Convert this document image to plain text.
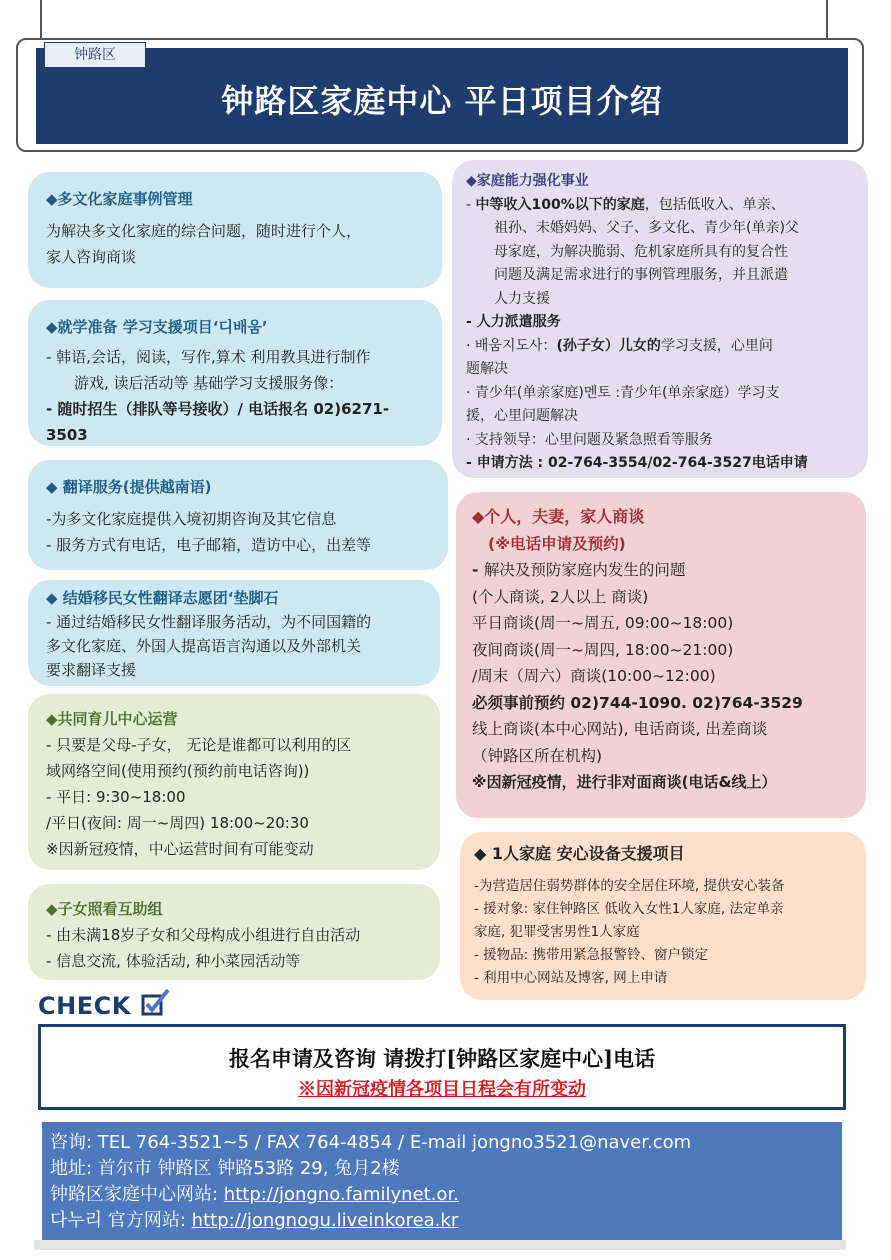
钟路区
钟路区家庭中心 平日项目介绍
◆多文化家庭事例管理
为解决多文化家庭的综合问题，随时进行个人，
家人咨询商谈
◆就学准备 学习支援项目‘디배움’
- 韩语,会话，阅读，写作,算术 利用教具进行制作
游戏, 读后活动等 基础学习支援服务像：
- 随时招生（排队等号接收）/ 电话报名 02)6271-
3503
◆ 翻译服务(提供越南语)
-为多文化家庭提供入境初期咨询及其它信息
- 服务方式有电话，电子邮箱，造访中心，出差等
◆ 结婚移民女性翻译志愿团‘垫脚石
- 通过结婚移民女性翻译服务活动，为不同国籍的
多文化家庭、外国人提高语言沟通以及外部机关
要求翻译支援
◆共同育儿中心运营
- 只要是父母-子女， 无论是谁都可以利用的区
域网络空间(使用预约(预约前电话咨询))
- 平日: 9:30~18:00
/平日(夜间: 周一~周四) 18:00~20:30
※因新冠疫情，中心运营时间有可能变动
◆子女照看互助组
- 由未满18岁子女和父母构成小组进行自由活动
- 信息交流, 体验活动, 种小菜园活动等
◆家庭能力强化事业
- 中等收入100%以下的家庭，包括低收入、单亲、
祖孙、未婚妈妈、父子、多文化、青少年(单亲)父
母家庭，为解决脆弱、危机家庭所具有的复合性
问题及满足需求进行的事例管理服务，并且派遣
人力支援
- 人力派遣服务
· 배움지도사：(孙子女）儿女的学习支援，心里问
题解决
· 青少年(单亲家庭)멘토 :青少年(单亲家庭）学习支
援，心里问题解决
· 支持领导：心里问题及紧急照看等服务
- 申请方法 : 02-764-3554/02-764-3527电话申请
◆个人，夫妻，家人商谈
(※电话申请及预约)
- 解决及预防家庭内发生的问题
(个人商谈, 2人以上 商谈)
平日商谈(周一~周五, 09:00~18:00)
夜间商谈(周一~周四, 18:00~21:00)
/周末（周六）商谈(10:00~12:00)
必须事前预约 02)744-1090. 02)764-3529
线上商谈(本中心网站), 电话商谈, 出差商谈
（钟路区所在机构)
※因新冠疫情，进行非对面商谈(电话&线上）
◆ 1人家庭 安心设备支援项目
-为营造居住弱势群体的安全居住环境, 提供安心装备
- 援对象: 家住钟路区 低收入女性1人家庭, 法定单亲
家庭, 犯罪受害男性1人家庭
- 援物品: 携带用紧急报警铃、窗户锁定
- 利用中心网站及博客, 网上申请
CHECK
报名申请及咨询 请拨打[钟路区家庭中心]电话
※因新冠疫情各项目日程会有所变动
咨询: TEL 764-3521~5 / FAX 764-4854 / E-mail jongno3521@naver.com
地址: 首尔市 钟路区 钟路53路 29, 兔月2楼
钟路区家庭中心网站: http://jongno.familynet.or.
다누리 官方网站: http://jongnogu.liveinkorea.kr
